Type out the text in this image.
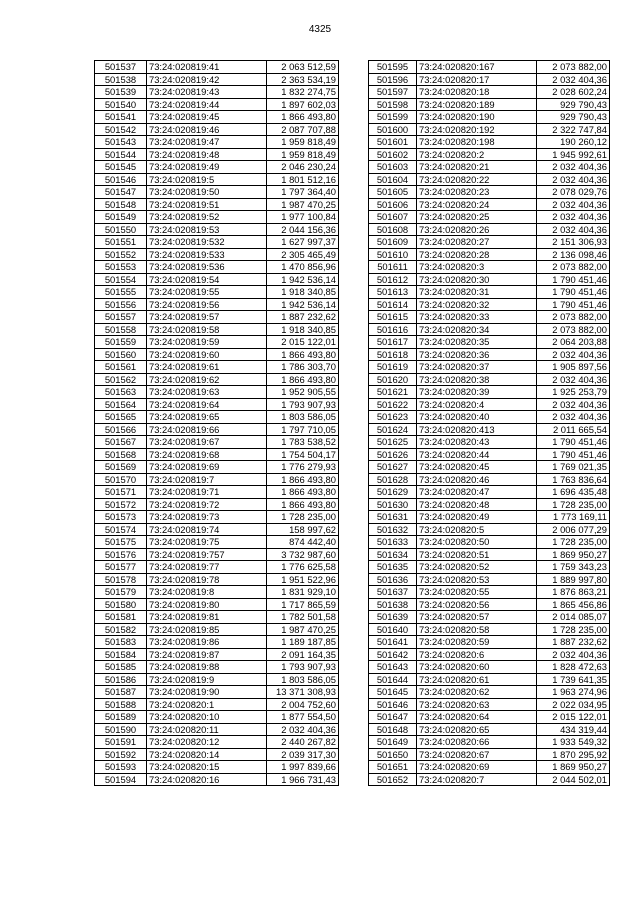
4325
501537	73:24:020819:41	2 063 512,59
501538	73:24:020819:42	2 363 534,19
501539	73:24:020819:43	1 832 274,75
501540	73:24:020819:44	1 897 602,03
501541	73:24:020819:45	1 866 493,80
501542	73:24:020819:46	2 087 707,88
501543	73:24:020819:47	1 959 818,49
501544	73:24:020819:48	1 959 818,49
501545	73:24:020819:49	2 046 230,24
501546	73:24:020819:5	1 801 512,16
501547	73:24:020819:50	1 797 364,40
501548	73:24:020819:51	1 987 470,25
501549	73:24:020819:52	1 977 100,84
501550	73:24:020819:53	2 044 156,36
501551	73:24:020819:532	1 627 997,37
501552	73:24:020819:533	2 305 465,49
501553	73:24:020819:536	1 470 856,96
501554	73:24:020819:54	1 942 536,14
501555	73:24:020819:55	1 918 340,85
501556	73:24:020819:56	1 942 536,14
501557	73:24:020819:57	1 887 232,62
501558	73:24:020819:58	1 918 340,85
501559	73:24:020819:59	2 015 122,01
501560	73:24:020819:60	1 866 493,80
501561	73:24:020819:61	1 786 303,70
501562	73:24:020819:62	1 866 493,80
501563	73:24:020819:63	1 952 905,55
501564	73:24:020819:64	1 793 907,93
501565	73:24:020819:65	1 803 586,05
501566	73:24:020819:66	1 797 710,05
501567	73:24:020819:67	1 783 538,52
501568	73:24:020819:68	1 754 504,17
501569	73:24:020819:69	1 776 279,93
501570	73:24:020819:7	1 866 493,80
501571	73:24:020819:71	1 866 493,80
501572	73:24:020819:72	1 866 493,80
501573	73:24:020819:73	1 728 235,00
501574	73:24:020819:74	158 997,62
501575	73:24:020819:75	874 442,40
501576	73:24:020819:757	3 732 987,60
501577	73:24:020819:77	1 776 625,58
501578	73:24:020819:78	1 951 522,96
501579	73:24:020819:8	1 831 929,10
501580	73:24:020819:80	1 717 865,59
501581	73:24:020819:81	1 782 501,58
501582	73:24:020819:85	1 987 470,25
501583	73:24:020819:86	1 189 187,85
501584	73:24:020819:87	2 091 164,35
501585	73:24:020819:88	1 793 907,93
501586	73:24:020819:9	1 803 586,05
501587	73:24:020819:90	13 371 308,93
501588	73:24:020820:1	2 004 752,60
501589	73:24:020820:10	1 877 554,50
501590	73:24:020820:11	2 032 404,36
501591	73:24:020820:12	2 440 267,82
501592	73:24:020820:14	2 039 317,30
501593	73:24:020820:15	1 997 839,66
501594	73:24:020820:16	1 966 731,43
501595	73:24:020820:167	2 073 882,00
501596	73:24:020820:17	2 032 404,36
501597	73:24:020820:18	2 028 602,24
501598	73:24:020820:189	929 790,43
501599	73:24:020820:190	929 790,43
501600	73:24:020820:192	2 322 747,84
501601	73:24:020820:198	190 260,12
501602	73:24:020820:2	1 945 992,61
501603	73:24:020820:21	2 032 404,36
501604	73:24:020820:22	2 032 404,36
501605	73:24:020820:23	2 078 029,76
501606	73:24:020820:24	2 032 404,36
501607	73:24:020820:25	2 032 404,36
501608	73:24:020820:26	2 032 404,36
501609	73:24:020820:27	2 151 306,93
501610	73:24:020820:28	2 136 098,46
501611	73:24:020820:3	2 073 882,00
501612	73:24:020820:30	1 790 451,46
501613	73:24:020820:31	1 790 451,46
501614	73:24:020820:32	1 790 451,46
501615	73:24:020820:33	2 073 882,00
501616	73:24:020820:34	2 073 882,00
501617	73:24:020820:35	2 064 203,88
501618	73:24:020820:36	2 032 404,36
501619	73:24:020820:37	1 905 897,56
501620	73:24:020820:38	2 032 404,36
501621	73:24:020820:39	1 925 253,79
501622	73:24:020820:4	2 032 404,36
501623	73:24:020820:40	2 032 404,36
501624	73:24:020820:413	2 011 665,54
501625	73:24:020820:43	1 790 451,46
501626	73:24:020820:44	1 790 451,46
501627	73:24:020820:45	1 769 021,35
501628	73:24:020820:46	1 763 836,64
501629	73:24:020820:47	1 696 435,48
501630	73:24:020820:48	1 728 235,00
501631	73:24:020820:49	1 773 169,11
501632	73:24:020820:5	2 006 077,29
501633	73:24:020820:50	1 728 235,00
501634	73:24:020820:51	1 869 950,27
501635	73:24:020820:52	1 759 343,23
501636	73:24:020820:53	1 889 997,80
501637	73:24:020820:55	1 876 863,21
501638	73:24:020820:56	1 865 456,86
501639	73:24:020820:57	2 014 085,07
501640	73:24:020820:58	1 728 235,00
501641	73:24:020820:59	1 887 232,62
501642	73:24:020820:6	2 032 404,36
501643	73:24:020820:60	1 828 472,63
501644	73:24:020820:61	1 739 641,35
501645	73:24:020820:62	1 963 274,96
501646	73:24:020820:63	2 022 034,95
501647	73:24:020820:64	2 015 122,01
501648	73:24:020820:65	434 319,44
501649	73:24:020820:66	1 933 549,32
501650	73:24:020820:67	1 870 295,92
501651	73:24:020820:69	1 869 950,27
501652	73:24:020820:7	2 044 502,01
